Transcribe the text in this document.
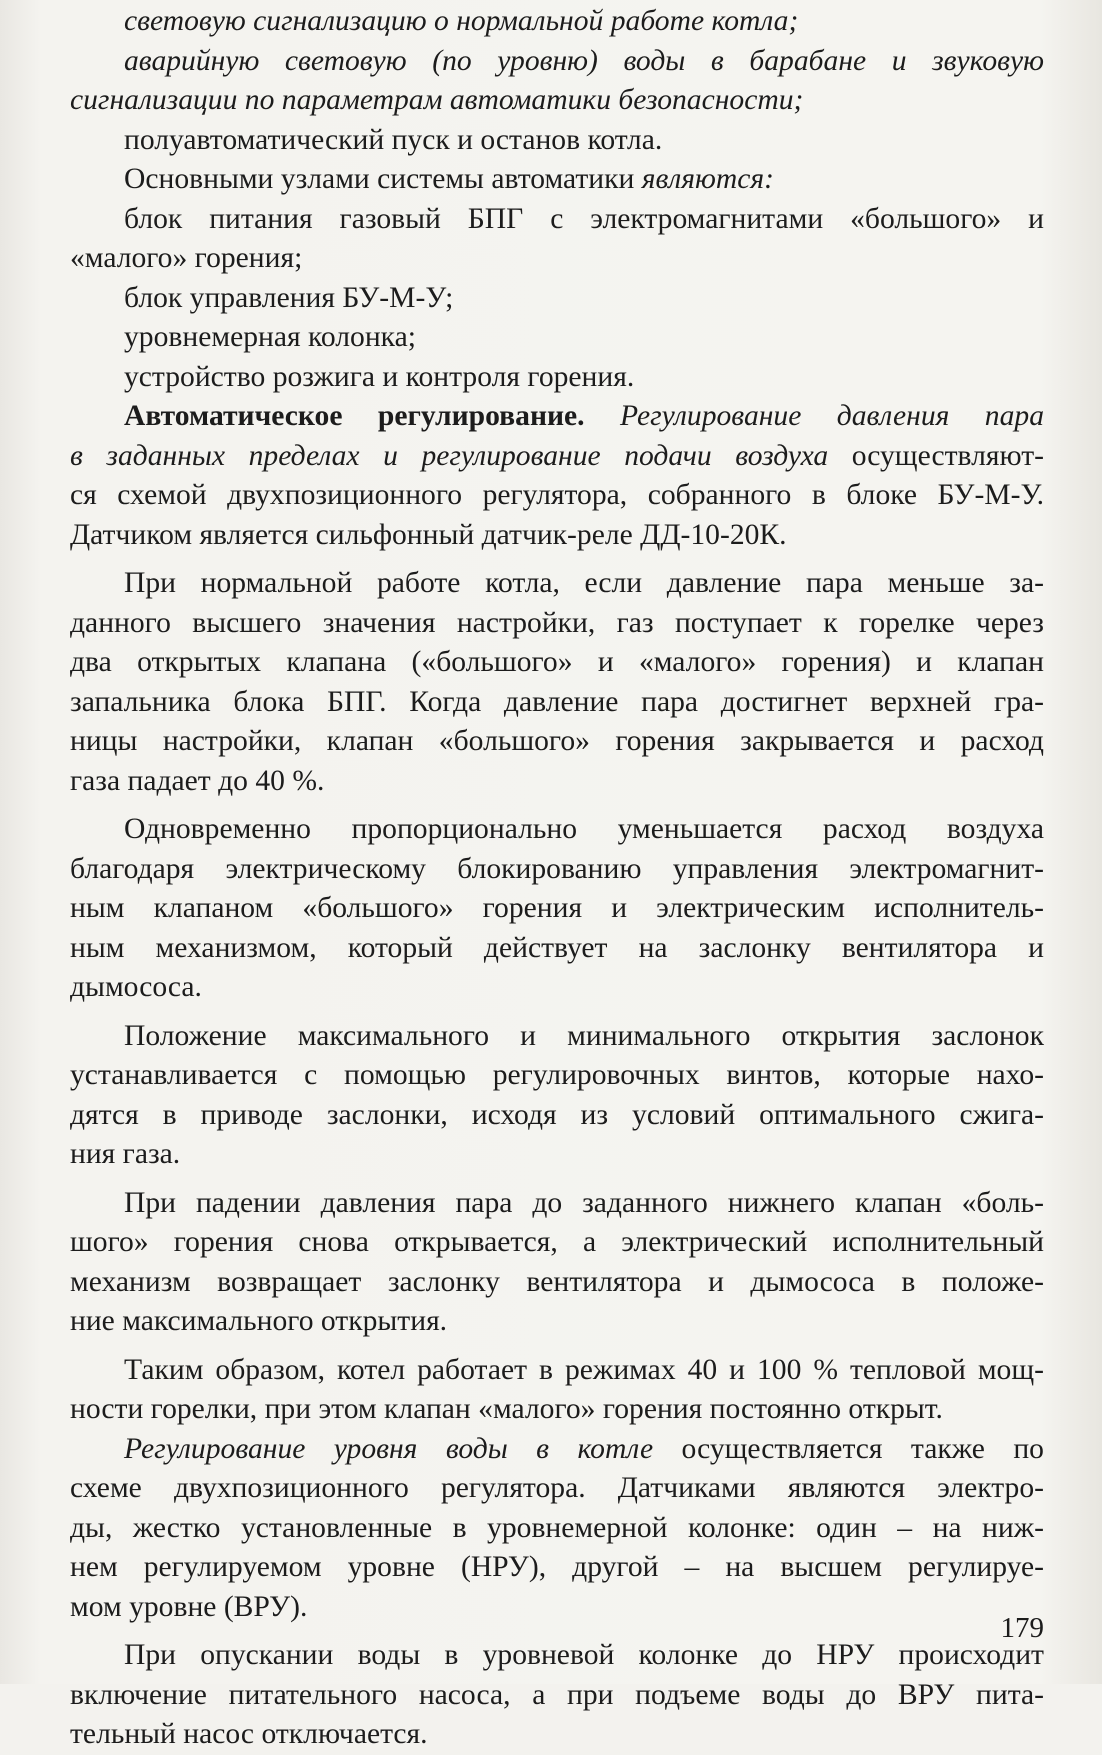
световую сигнализацию о нормальной работе котла;
аварийную световую (по уровню) воды в барабане и звуковую
сигнализации по параметрам автоматики безопасности;
полуавтоматический пуск и останов котла.
Основными узлами системы автоматики являются:
блок питания газовый БПГ с электромагнитами «большого» и
«малого» горения;
блок управления БУ-М-У;
уровнемерная колонка;
устройство розжига и контроля горения.
Автоматическое регулирование. Регулирование давления пара
в заданных пределах и регулирование подачи воздуха осуществляют-
ся схемой двухпозиционного регулятора, собранного в блоке БУ-М-У.
Датчиком является сильфонный датчик-реле ДД-10-20К.
При нормальной работе котла, если давление пара меньше за-
данного высшего значения настройки, газ поступает к горелке через
два открытых клапана («большого» и «малого» горения) и клапан
запальника блока БПГ. Когда давление пара достигнет верхней гра-
ницы настройки, клапан «большого» горения закрывается и расход
газа падает до 40 %.
Одновременно пропорционально уменьшается расход воздуха
благодаря электрическому блокированию управления электромагнит-
ным клапаном «большого» горения и электрическим исполнитель-
ным механизмом, который действует на заслонку вентилятора и
дымососа.
Положение максимального и минимального открытия заслонок
устанавливается с помощью регулировочных винтов, которые нахо-
дятся в приводе заслонки, исходя из условий оптимального сжига-
ния газа.
При падении давления пара до заданного нижнего клапан «боль-
шого» горения снова открывается, а электрический исполнительный
механизм возвращает заслонку вентилятора и дымососа в положе-
ние максимального открытия.
Таким образом, котел работает в режимах 40 и 100 % тепловой мощ-
ности горелки, при этом клапан «малого» горения постоянно открыт.
Регулирование уровня воды в котле осуществляется также по
схеме двухпозиционного регулятора. Датчиками являются электро-
ды, жестко установленные в уровнемерной колонке: один – на ниж-
нем регулируемом уровне (НРУ), другой – на высшем регулируе-
мом уровне (ВРУ).
При опускании воды в уровневой колонке до НРУ происходит
включение питательного насоса, а при подъеме воды до ВРУ пита-
тельный насос отключается.
179
